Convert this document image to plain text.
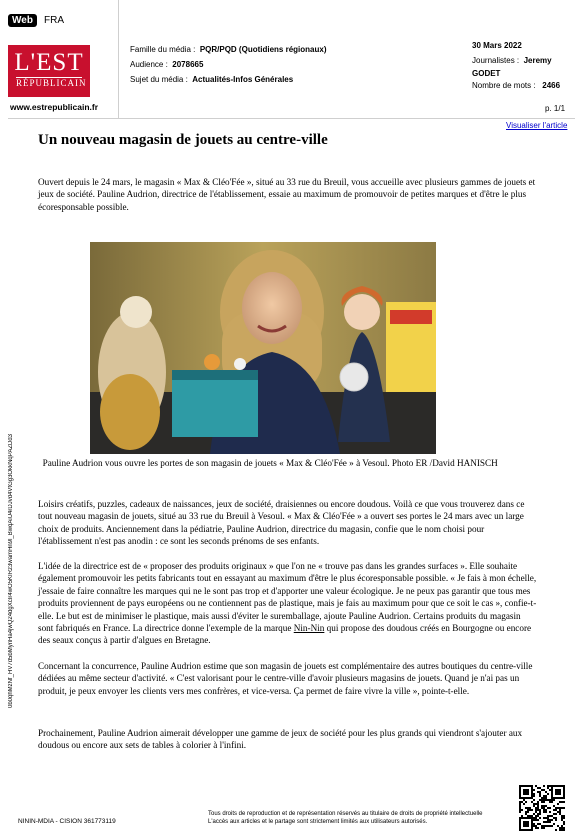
Web	FRA
L'EST
RÉPUBLICAIN
www.estrepublicain.fr
Famille du média : PQR/PQD (Quotidiens régionaux)
Audience : 2078665
Sujet du média : Actualités-Infos Générales
30 Mars 2022
Journalistes : Jeremy
GODET
Nombre de mots : 2466
p. 1/1
Visualiser l'article
Un nouveau magasin de jouets au centre-ville
Ouvert depuis le 24 mars, le magasin « Max & Cléo'Fée », situé au 33 rue du Breuil, vous accueille avec plusieurs gammes de jouets et jeux de société. Pauline Audrion, directrice de l'établissement, essaie au maximum de promouvoir de petites marques et d'être le plus écoresponsable possible.
Pauline Audrion vous ouvre les portes de son magasin de jouets « Max & Cléo'Fée » à Vesoul. Photo ER /David HANISCH
Loisirs créatifs, puzzles, cadeaux de naissances, jeux de société, draisiennes ou encore doudous. Voilà ce que vous trouverez dans ce tout nouveau magasin de jouets, situé au 33 rue du Breuil à Vesoul. « Max & Cléo'Fée » a ouvert ses portes le 24 mars avec un large choix de produits. Anciennement dans la pédiatrie, Pauline Audrion, directrice du magasin, confie que le nom choisi pour l'établissement n'est pas anodin : ce sont les seconds prénoms de ses enfants.
L'idée de la directrice est de « proposer des produits originaux » que l'on ne « trouve pas dans les grandes surfaces ». Elle souhaite également promouvoir les petits fabricants tout en essayant au maximum d'être le plus écoresponsable possible. « Je fais à mon échelle, j'essaie de faire connaître les marques qui ne le sont pas trop et d'apporter une valeur écologique. Je ne peux pas garantir que tous mes produits proviennent de pays européens ou ne contiennent pas de plastique, mais je fais au maximum pour que ce soit le cas », confie-t-elle. Le but est de minimiser le plastique, mais aussi d'éviter le suremballage, ajoute Pauline Audrion. Certains produits du magasin sont fabriqués en France. La directrice donne l'exemple de la marque Nin-Nin qui propose des doudous créés en Bourgogne ou encore des seaux conçus à partir d'algues en Bretagne.
Concernant la concurrence, Pauline Audrion estime que son magasin de jouets est complémentaire des autres boutiques du centre-ville dédiées au même secteur d'activité. « C'est valorisant pour le centre-ville d'avoir plusieurs magasins de jouets. Quand je n'ai pas un produit, je peux envoyer les clients vers mes confrères, et vice-versa. Ça permet de faire vivre la ville », pointe-t-elle.
Prochainement, Pauline Audrion aimerait développer une gamme de jeux de société pour les plus grands qui viendront s'ajouter aux doudous ou encore aux sets de tables à colorier à l'infini.
0b0qhMzNf_HV7d5bMyriHa4jwQ24dgXcIr4wO5KIRz3wamHn9l_BwqAiU4rDJvd4VtGg3OkkNqPAZDd3
NININ-MDIA - CISION 361773119
Tous droits de reproduction et de représentation réservés au titulaire de droits de propriété intellectuelle
L'accès aux articles et le partage sont strictement limités aux utilisateurs autorisés.
